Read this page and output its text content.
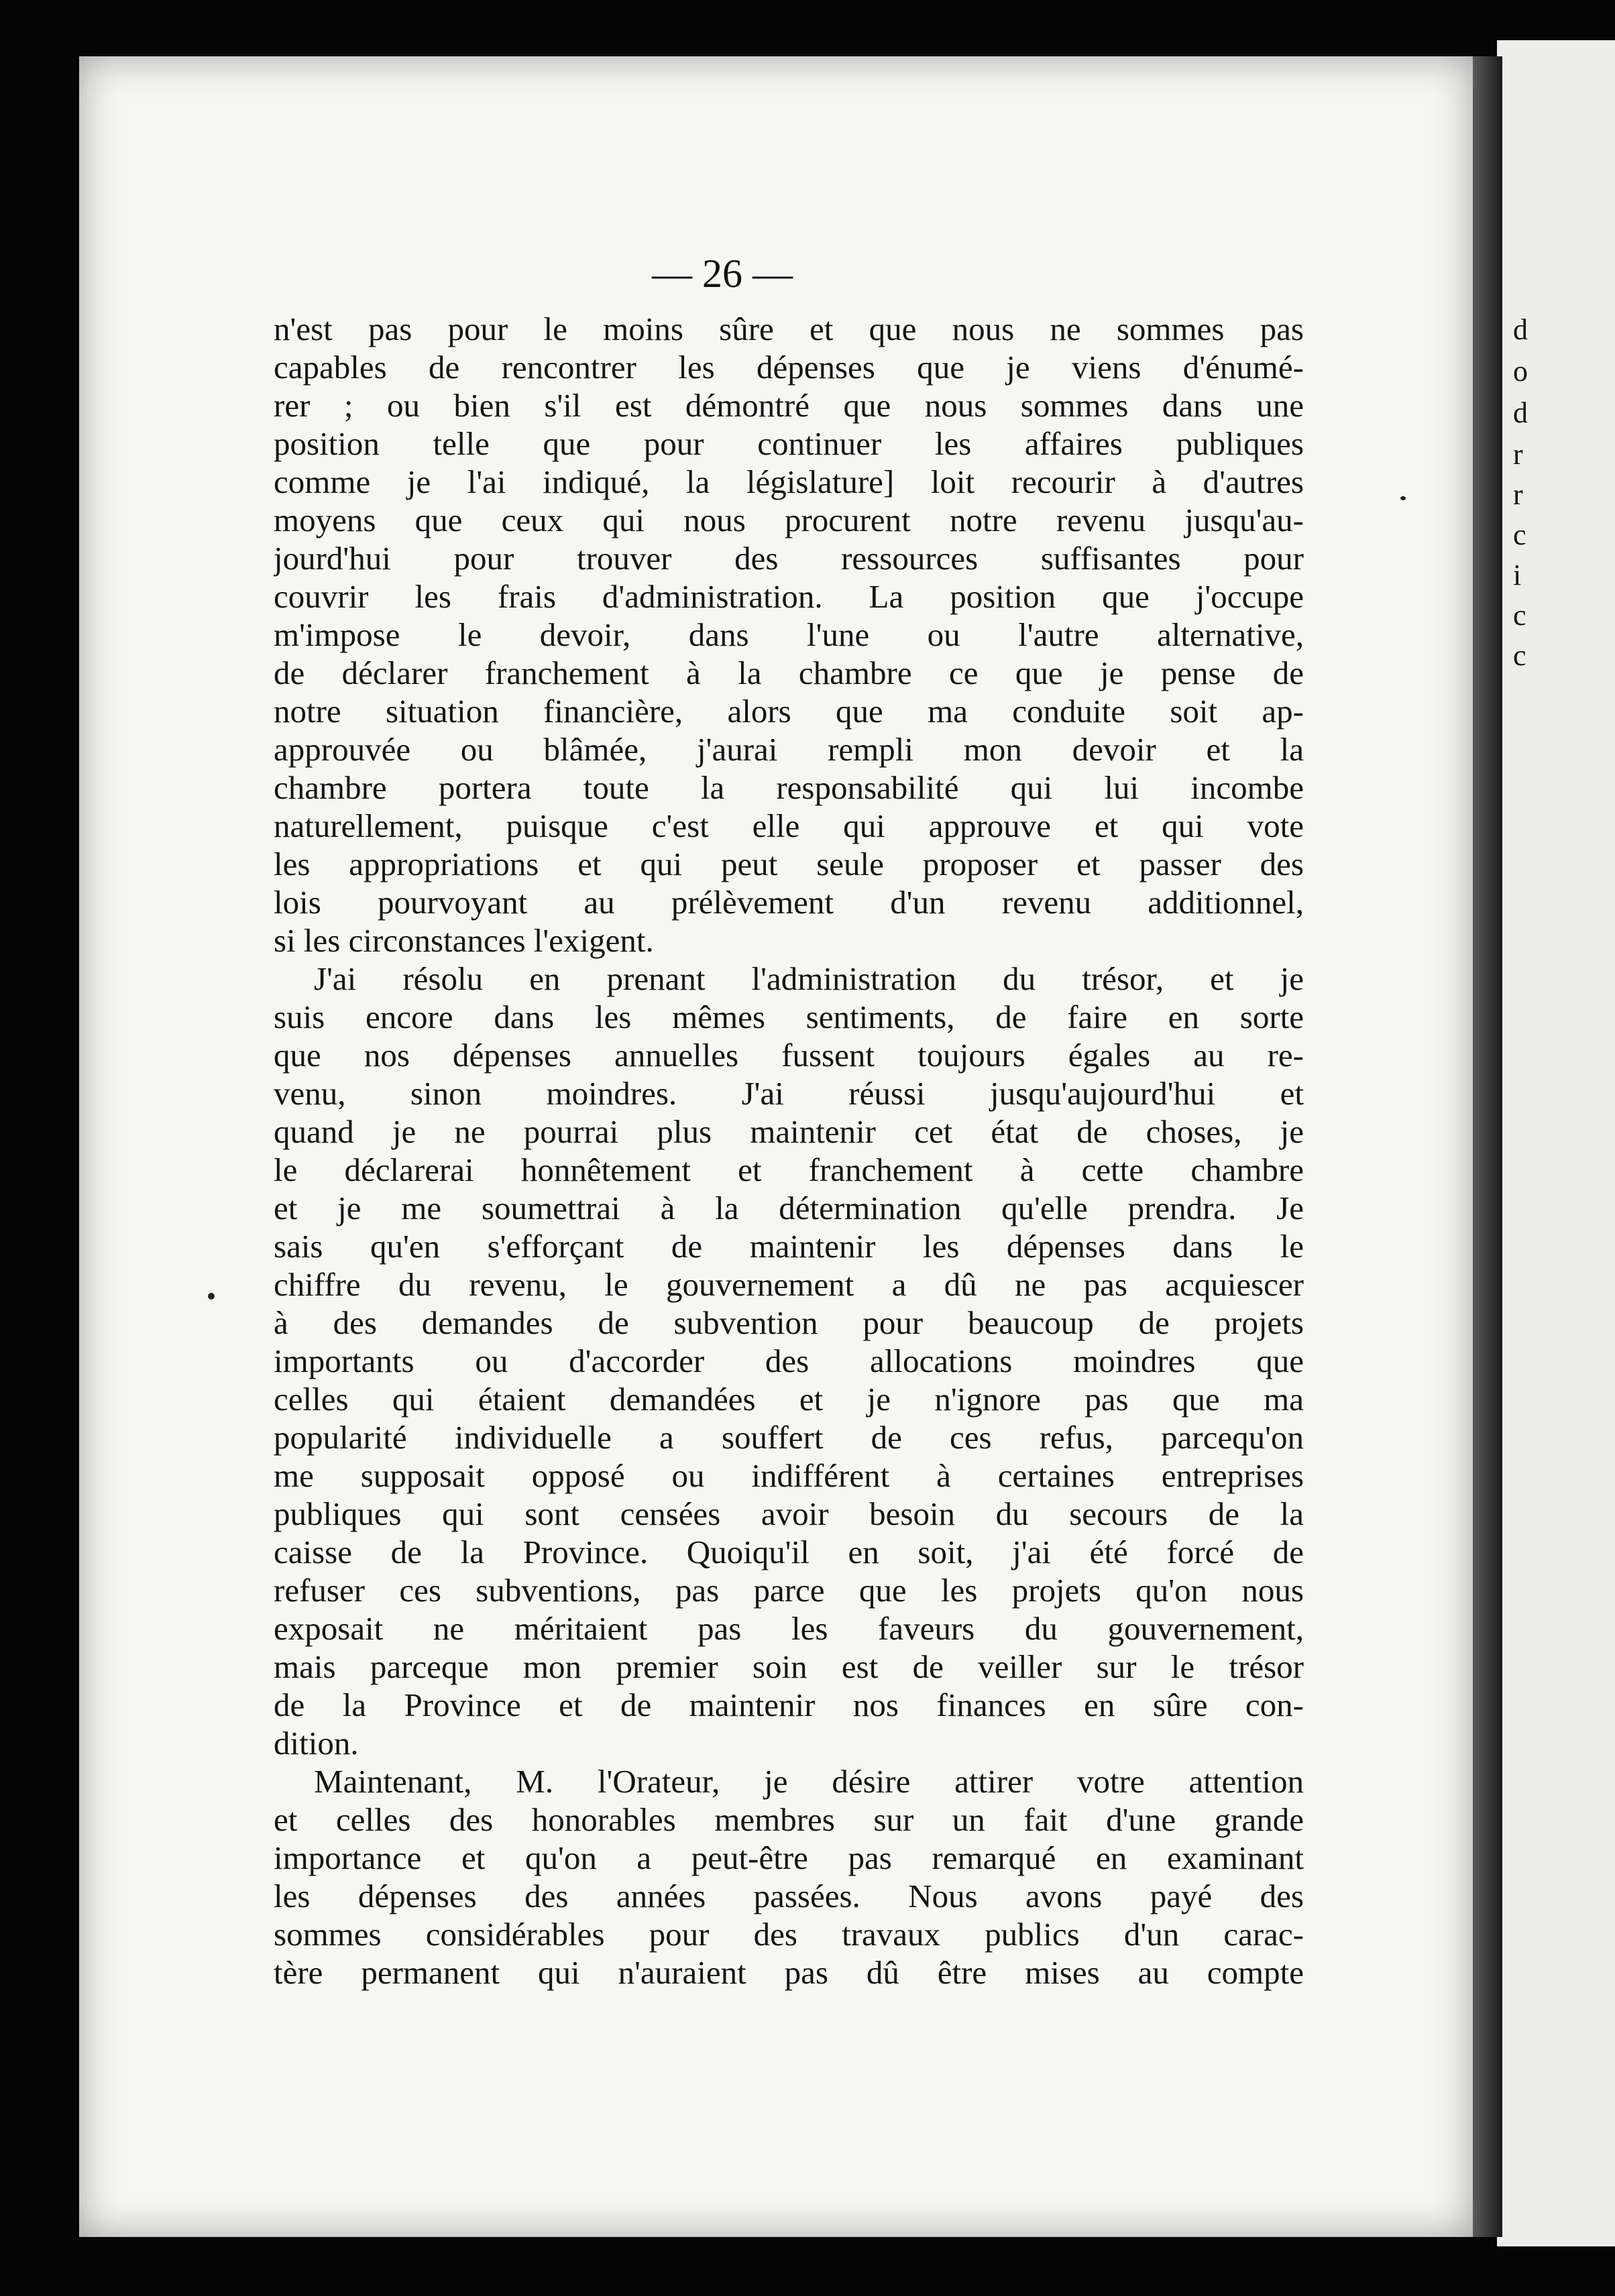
d
o
d
r
r
c
i
c
c
— 26 —
n'est pas pour le moins sûre et que nous ne sommes pas
capables de rencontrer les dépenses que je viens d'énumé-
rer ; ou bien s'il est démontré que nous sommes dans une
position telle que pour continuer les affaires publiques
comme je l'ai indiqué, la législature] loit recourir à d'autres
moyens que ceux qui nous procurent notre revenu jusqu'au-
jourd'hui pour trouver des ressources suffisantes pour
couvrir les frais d'administration. La position que j'occupe
m'impose le devoir, dans l'une ou l'autre alternative,
de déclarer franchement à la chambre ce que je pense de
notre situation financière, alors que ma conduite soit ap-
approuvée ou blâmée, j'aurai rempli mon devoir et la
chambre portera toute la responsabilité qui lui incombe
naturellement, puisque c'est elle qui approuve et qui vote
les appropriations et qui peut seule proposer et passer des
lois pourvoyant au prélèvement d'un revenu additionnel,
si les circonstances l'exigent.
J'ai résolu en prenant l'administration du trésor, et je
suis encore dans les mêmes sentiments, de faire en sorte
que nos dépenses annuelles fussent toujours égales au re-
venu, sinon moindres. J'ai réussi jusqu'aujourd'hui et
quand je ne pourrai plus maintenir cet état de choses, je
le déclarerai honnêtement et franchement à cette chambre
et je me soumettrai à la détermination qu'elle prendra. Je
sais qu'en s'efforçant de maintenir les dépenses dans le
chiffre du revenu, le gouvernement a dû ne pas acquiescer
à des demandes de subvention pour beaucoup de projets
importants ou d'accorder des allocations moindres que
celles qui étaient demandées et je n'ignore pas que ma
popularité individuelle a souffert de ces refus, parcequ'on
me supposait opposé ou indifférent à certaines entreprises
publiques qui sont censées avoir besoin du secours de la
caisse de la Province. Quoiqu'il en soit, j'ai été forcé de
refuser ces subventions, pas parce que les projets qu'on nous
exposait ne méritaient pas les faveurs du gouvernement,
mais parceque mon premier soin est de veiller sur le trésor
de la Province et de maintenir nos finances en sûre con-
dition.
Maintenant, M. l'Orateur, je désire attirer votre attention
et celles des honorables membres sur un fait d'une grande
importance et qu'on a peut-être pas remarqué en examinant
les dépenses des années passées. Nous avons payé des
sommes considérables pour des travaux publics d'un carac-
tère permanent qui n'auraient pas dû être mises au compte
